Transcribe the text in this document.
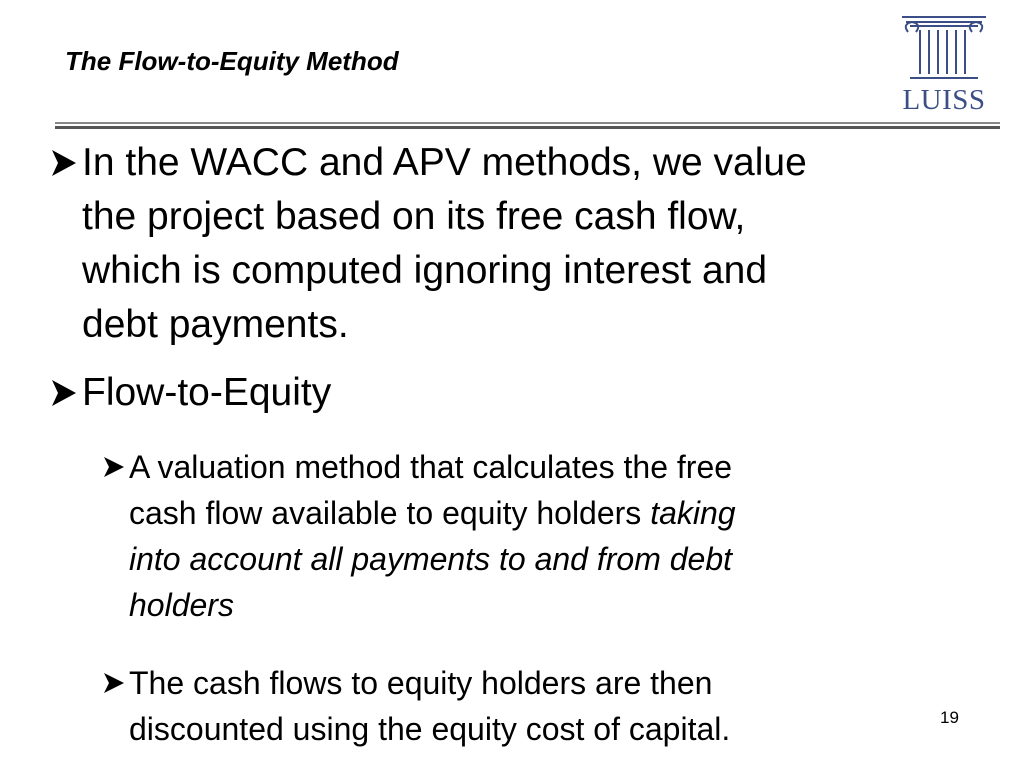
The Flow-to-Equity Method
LUISS
In the WACC and APV methods, we value
the project based on its free cash flow,
which is computed ignoring interest and
debt payments.
Flow-to-Equity
A valuation method that calculates the free
cash flow available to equity holders taking
into account all payments to and from debt
holders
The cash flows to equity holders are then
discounted using the equity cost of capital.	19
